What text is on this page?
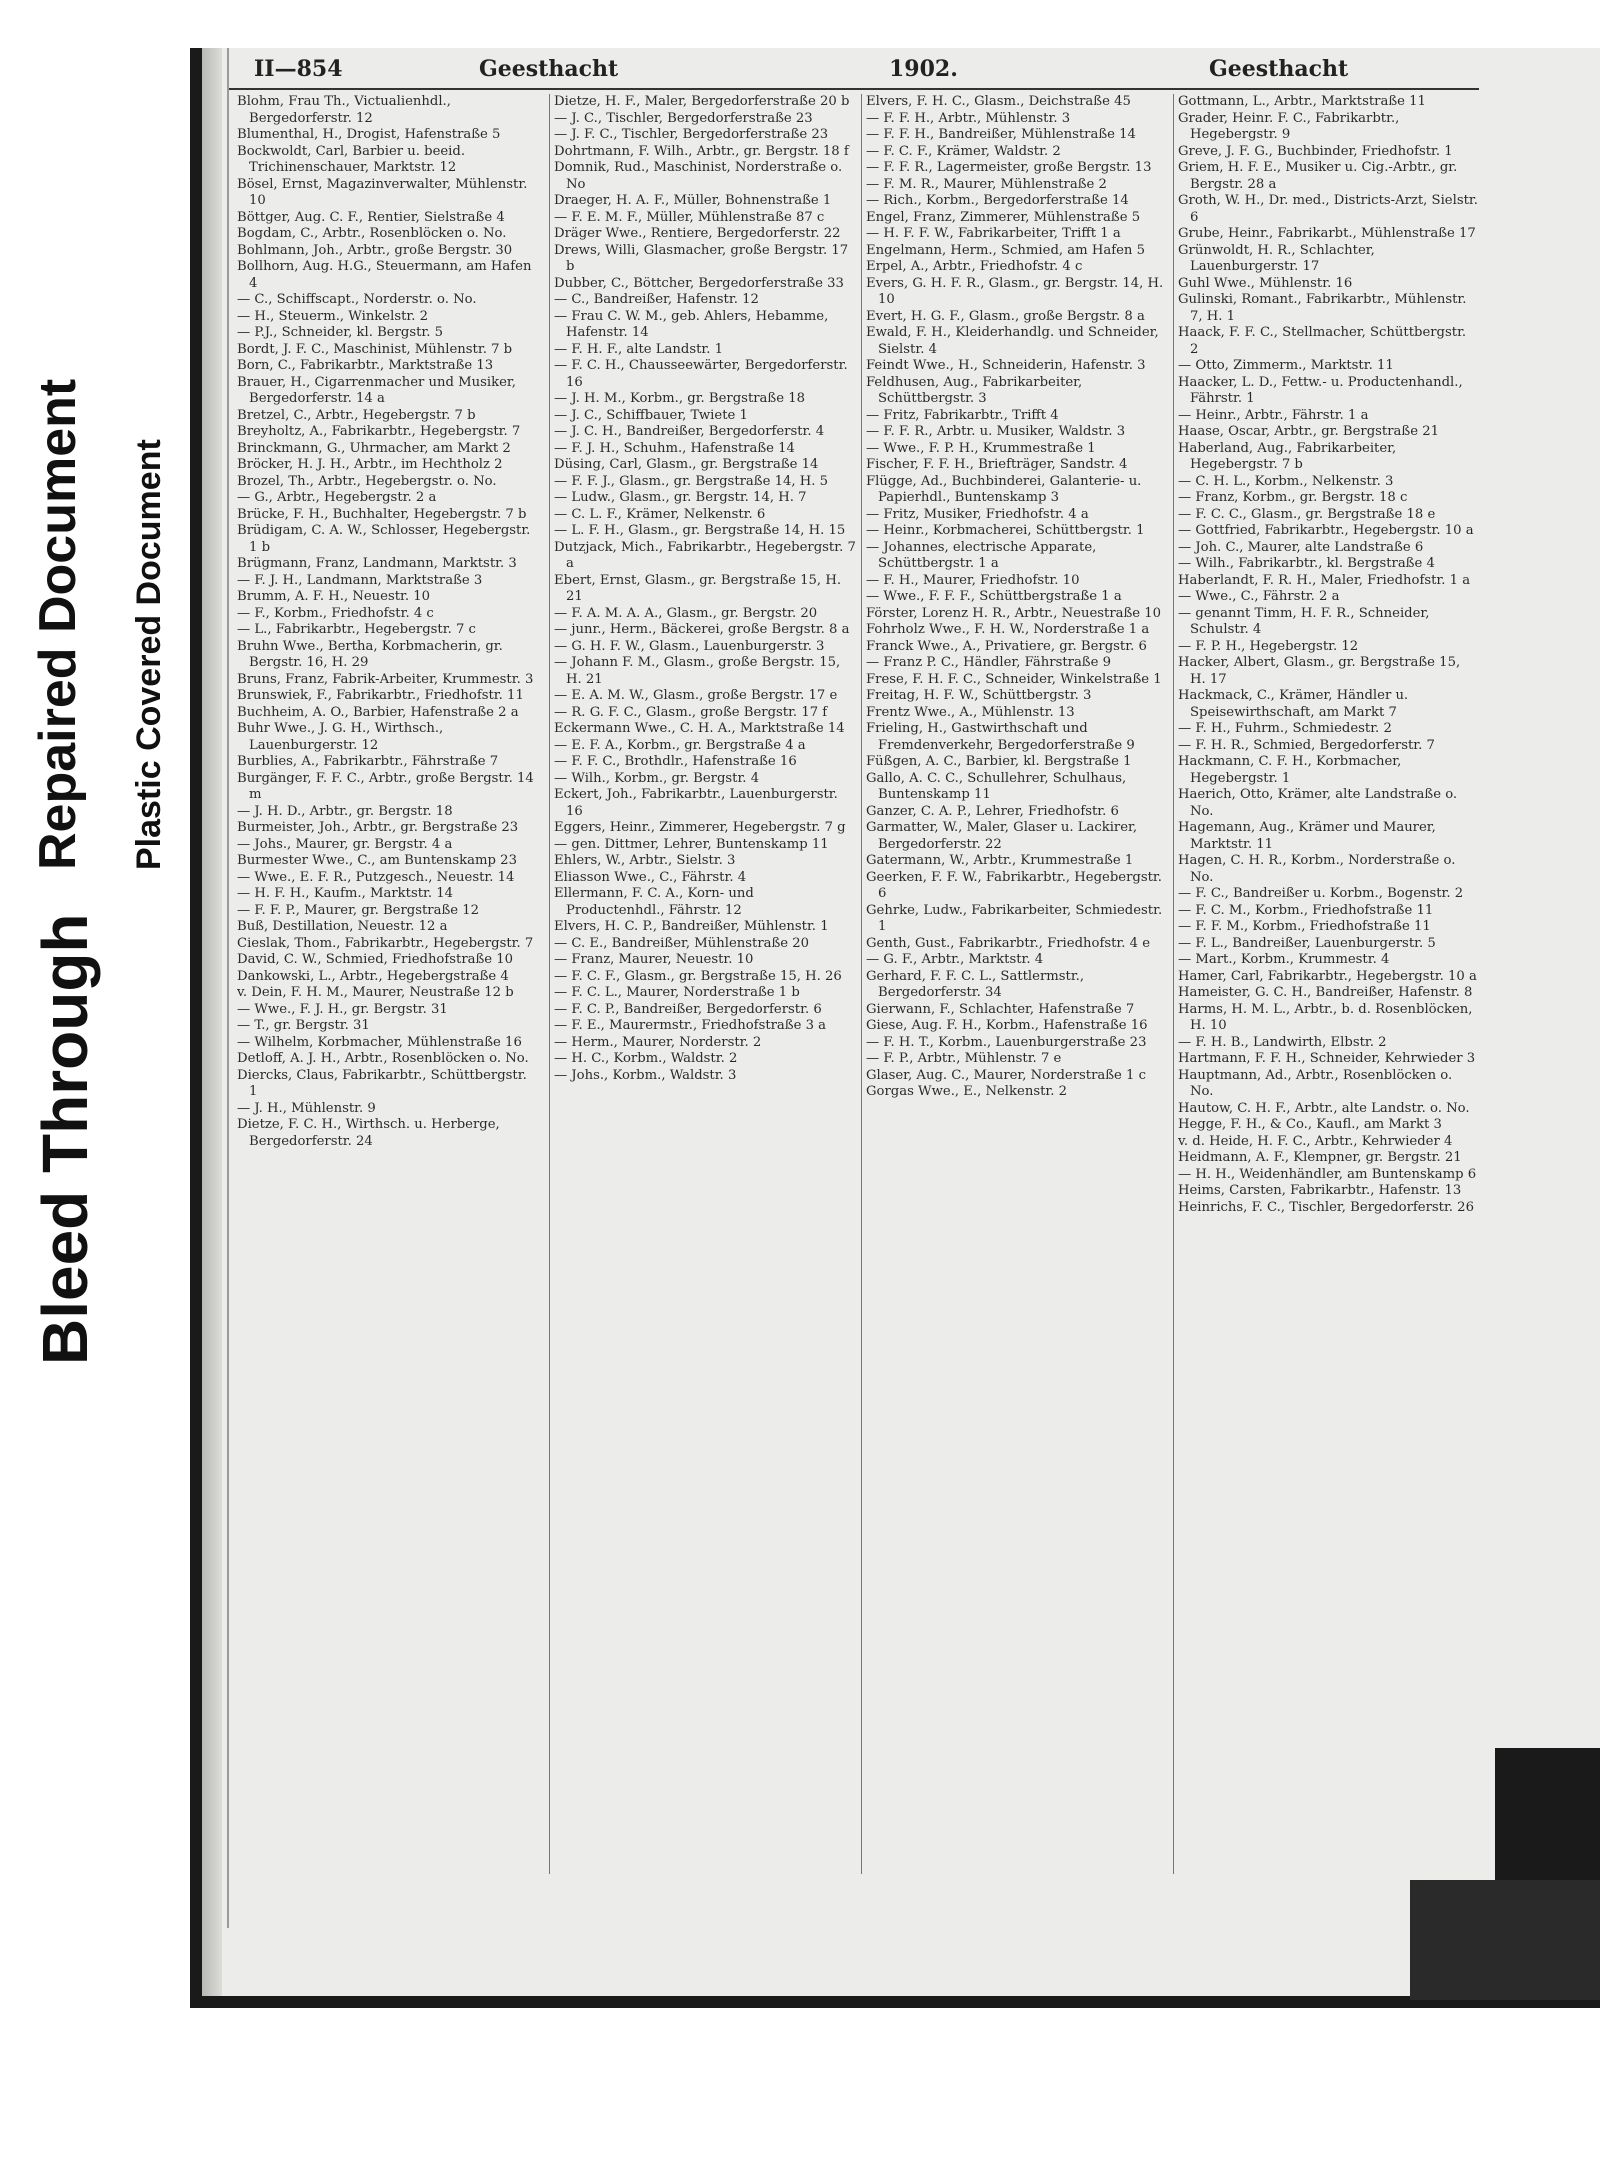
Bleed Through
Repaired Document Plastic Covered Document
II—854	Geesthacht	1902.	Geesthacht

Blohm, Frau Th., Victualienhdl., Bergedorferstr. 12

Blumenthal, H., Drogist, Hafenstraße 5

Bockwoldt, Carl, Barbier u. beeid. Trichinenschauer, Marktstr. 12

Bösel, Ernst, Magazinverwalter, Mühlenstr. 10

Böttger, Aug. C. F., Rentier, Sielstraße 4

Bogdam, C., Arbtr., Rosenblöcken o. No.

Bohlmann, Joh., Arbtr., große Bergstr. 30

Bollhorn, Aug. H.G., Steuermann, am Hafen 4

— C., Schiffscapt., Norderstr. o. No.

— H., Steuerm., Winkelstr. 2

— P.J., Schneider, kl. Bergstr. 5

Bordt, J. F. C., Maschinist, Mühlenstr. 7 b

Born, C., Fabrikarbtr., Marktstraße 13

Brauer, H., Cigarrenmacher und Musiker, Bergedorferstr. 14 a

Bretzel, C., Arbtr., Hegebergstr. 7 b

Breyholtz, A., Fabrikarbtr., Hegebergstr. 7

Brinckmann, G., Uhrmacher, am Markt 2

Bröcker, H. J. H., Arbtr., im Hechtholz 2

Brozel, Th., Arbtr., Hegebergstr. o. No.

— G., Arbtr., Hegebergstr. 2 a

Brücke, F. H., Buchhalter, Hegebergstr. 7 b

Brüdigam, C. A. W., Schlosser, Hegebergstr. 1 b

Brügmann, Franz, Landmann, Marktstr. 3

— F. J. H., Landmann, Marktstraße 3

Brumm, A. F. H., Neuestr. 10

— F., Korbm., Friedhofstr. 4 c

— L., Fabrikarbtr., Hegebergstr. 7 c

Bruhn Wwe., Bertha, Korbmacherin, gr. Bergstr. 16, H. 29

Bruns, Franz, Fabrik-Arbeiter, Krummestr. 3

Brunswiek, F., Fabrikarbtr., Friedhofstr. 11

Buchheim, A. O., Barbier, Hafenstraße 2 a

Buhr Wwe., J. G. H., Wirthsch., Lauenburgerstr. 12

Burblies, A., Fabrikarbtr., Fährstraße 7

Burgänger, F. F. C., Arbtr., große Bergstr. 14 m

— J. H. D., Arbtr., gr. Bergstr. 18

Burmeister, Joh., Arbtr., gr. Bergstraße 23

— Johs., Maurer, gr. Bergstr. 4 a

Burmester Wwe., C., am Buntenskamp 23

— Wwe., E. F. R., Putzgesch., Neuestr. 14

— H. F. H., Kaufm., Marktstr. 14

— F. F. P., Maurer, gr. Bergstraße 12

Buß, Destillation, Neuestr. 12 a

Cieslak, Thom., Fabrikarbtr., Hegebergstr. 7

David, C. W., Schmied, Friedhofstraße 10

Dankowski, L., Arbtr., Hegebergstraße 4

v. Dein, F. H. M., Maurer, Neustraße 12 b

— Wwe., F. J. H., gr. Bergstr. 31

— T., gr. Bergstr. 31

— Wilhelm, Korbmacher, Mühlenstraße 16

Detloff, A. J. H., Arbtr., Rosenblöcken o. No.

Diercks, Claus, Fabrikarbtr., Schüttbergstr. 1

— J. H., Mühlenstr. 9

Dietze, F. C. H., Wirthsch. u. Herberge, Bergedorferstr. 24

Dietze, H. F., Maler, Bergedorferstraße 20 b

— J. C., Tischler, Bergedorferstraße 23

— J. F. C., Tischler, Bergedorferstraße 23

Dohrtmann, F. Wilh., Arbtr., gr. Bergstr. 18 f

Domnik, Rud., Maschinist, Norderstraße o. No

Draeger, H. A. F., Müller, Bohnenstraße 1

— F. E. M. F., Müller, Mühlenstraße 87 c

Dräger Wwe., Rentiere, Bergedorferstr. 22

Drews, Willi, Glasmacher, große Bergstr. 17 b

Dubber, C., Böttcher, Bergedorferstraße 33

— C., Bandreißer, Hafenstr. 12

— Frau C. W. M., geb. Ahlers, Hebamme, Hafenstr. 14

— F. H. F., alte Landstr. 1

— F. C. H., Chausseewärter, Bergedorferstr. 16

— J. H. M., Korbm., gr. Bergstraße 18

— J. C., Schiffbauer, Twiete 1

— J. C. H., Bandreißer, Bergedorferstr. 4

— F. J. H., Schuhm., Hafenstraße 14

Düsing, Carl, Glasm., gr. Bergstraße 14

— F. F. J., Glasm., gr. Bergstraße 14, H. 5

— Ludw., Glasm., gr. Bergstr. 14, H. 7

— C. L. F., Krämer, Nelkenstr. 6

— L. F. H., Glasm., gr. Bergstraße 14, H. 15

Dutzjack, Mich., Fabrikarbtr., Hegebergstr. 7 a

Ebert, Ernst, Glasm., gr. Bergstraße 15, H. 21

— F. A. M. A. A., Glasm., gr. Bergstr. 20

— junr., Herm., Bäckerei, große Bergstr. 8 a

— G. H. F. W., Glasm., Lauenburgerstr. 3

— Johann F. M., Glasm., große Bergstr. 15, H. 21

— E. A. M. W., Glasm., große Bergstr. 17 e

— R. G. F. C., Glasm., große Bergstr. 17 f

Eckermann Wwe., C. H. A., Marktstraße 14

— E. F. A., Korbm., gr. Bergstraße 4 a

— F. F. C., Brothdlr., Hafenstraße 16

— Wilh., Korbm., gr. Bergstr. 4

Eckert, Joh., Fabrikarbtr., Lauenburgerstr. 16

Eggers, Heinr., Zimmerer, Hegebergstr. 7 g

— gen. Dittmer, Lehrer, Buntenskamp 11

Ehlers, W., Arbtr., Sielstr. 3

Eliasson Wwe., C., Fährstr. 4

Ellermann, F. C. A., Korn- und Productenhdl., Fährstr. 12

Elvers, H. C. P., Bandreißer, Mühlenstr. 1

— C. E., Bandreißer, Mühlenstraße 20

— Franz, Maurer, Neuestr. 10

— F. C. F., Glasm., gr. Bergstraße 15, H. 26

— F. C. L., Maurer, Norderstraße 1 b

— F. C. P., Bandreißer, Bergedorferstr. 6

— F. E., Maurermstr., Friedhofstraße 3 a

— Herm., Maurer, Norderstr. 2

— H. C., Korbm., Waldstr. 2

— Johs., Korbm., Waldstr. 3

Elvers, F. H. C., Glasm., Deichstraße 45

— F. F. H., Arbtr., Mühlenstr. 3

— F. F. H., Bandreißer, Mühlenstraße 14

— F. C. F., Krämer, Waldstr. 2

— F. F. R., Lagermeister, große Bergstr. 13

— F. M. R., Maurer, Mühlenstraße 2

— Rich., Korbm., Bergedorferstraße 14

Engel, Franz, Zimmerer, Mühlenstraße 5

— H. F. F. W., Fabrikarbeiter, Trifft 1 a

Engelmann, Herm., Schmied, am Hafen 5

Erpel, A., Arbtr., Friedhofstr. 4 c

Evers, G. H. F. R., Glasm., gr. Bergstr. 14, H. 10

Evert, H. G. F., Glasm., große Bergstr. 8 a

Ewald, F. H., Kleiderhandlg. und Schneider, Sielstr. 4

Feindt Wwe., H., Schneiderin, Hafenstr. 3

Feldhusen, Aug., Fabrikarbeiter, Schüttbergstr. 3

— Fritz, Fabrikarbtr., Trifft 4

— F. F. R., Arbtr. u. Musiker, Waldstr. 3

— Wwe., F. P. H., Krummestraße 1

Fischer, F. F. H., Briefträger, Sandstr. 4

Flügge, Ad., Buchbinderei, Galanterie- u. Papierhdl., Buntenskamp 3

— Fritz, Musiker, Friedhofstr. 4 a

— Heinr., Korbmacherei, Schüttbergstr. 1

— Johannes, electrische Apparate, Schüttbergstr. 1 a

— F. H., Maurer, Friedhofstr. 10

— Wwe., F. F. F., Schüttbergstraße 1 a

Förster, Lorenz H. R., Arbtr., Neuestraße 10

Fohrholz Wwe., F. H. W., Norderstraße 1 a

Franck Wwe., A., Privatiere, gr. Bergstr. 6

— Franz P. C., Händler, Fährstraße 9

Frese, F. H. F. C., Schneider, Winkelstraße 1

Freitag, H. F. W., Schüttbergstr. 3

Frentz Wwe., A., Mühlenstr. 13

Frieling, H., Gastwirthschaft und Fremdenverkehr, Bergedorferstraße 9

Füßgen, A. C., Barbier, kl. Bergstraße 1

Gallo, A. C. C., Schullehrer, Schulhaus, Buntenskamp 11

Ganzer, C. A. P., Lehrer, Friedhofstr. 6

Garmatter, W., Maler, Glaser u. Lackirer, Bergedorferstr. 22

Gatermann, W., Arbtr., Krummestraße 1

Geerken, F. F. W., Fabrikarbtr., Hegebergstr. 6

Gehrke, Ludw., Fabrikarbeiter, Schmiedestr. 1

Genth, Gust., Fabrikarbtr., Friedhofstr. 4 e

— G. F., Arbtr., Marktstr. 4

Gerhard, F. F. C. L., Sattlermstr., Bergedorferstr. 34

Gierwann, F., Schlachter, Hafenstraße 7

Giese, Aug. F. H., Korbm., Hafenstraße 16

— F. H. T., Korbm., Lauenburgerstraße 23

— F. P., Arbtr., Mühlenstr. 7 e

Glaser, Aug. C., Maurer, Norderstraße 1 c

Gorgas Wwe., E., Nelkenstr. 2

Gottmann, L., Arbtr., Marktstraße 11

Grader, Heinr. F. C., Fabrikarbtr., Hegebergstr. 9

Greve, J. F. G., Buchbinder, Friedhofstr. 1

Griem, H. F. E., Musiker u. Cig.-Arbtr., gr. Bergstr. 28 a

Groth, W. H., Dr. med., Districts-Arzt, Sielstr. 6

Grube, Heinr., Fabrikarbt., Mühlenstraße 17

Grünwoldt, H. R., Schlachter, Lauenburgerstr. 17

Guhl Wwe., Mühlenstr. 16

Gulinski, Romant., Fabrikarbtr., Mühlenstr. 7, H. 1

Haack, F. F. C., Stellmacher, Schüttbergstr. 2

— Otto, Zimmerm., Marktstr. 11

Haacker, L. D., Fettw.- u. Productenhandl., Fährstr. 1

— Heinr., Arbtr., Fährstr. 1 a

Haase, Oscar, Arbtr., gr. Bergstraße 21

Haberland, Aug., Fabrikarbeiter, Hegebergstr. 7 b

— C. H. L., Korbm., Nelkenstr. 3

— Franz, Korbm., gr. Bergstr. 18 c

— F. C. C., Glasm., gr. Bergstraße 18 e

— Gottfried, Fabrikarbtr., Hegebergstr. 10 a

— Joh. C., Maurer, alte Landstraße 6

— Wilh., Fabrikarbtr., kl. Bergstraße 4

Haberlandt, F. R. H., Maler, Friedhofstr. 1 a

— Wwe., C., Fährstr. 2 a

— genannt Timm, H. F. R., Schneider, Schulstr. 4

— F. P. H., Hegebergstr. 12

Hacker, Albert, Glasm., gr. Bergstraße 15, H. 17

Hackmack, C., Krämer, Händler u. Speisewirthschaft, am Markt 7

— F. H., Fuhrm., Schmiedestr. 2

— F. H. R., Schmied, Bergedorferstr. 7

Hackmann, C. F. H., Korbmacher, Hegebergstr. 1

Haerich, Otto, Krämer, alte Landstraße o. No.

Hagemann, Aug., Krämer und Maurer, Marktstr. 11

Hagen, C. H. R., Korbm., Norderstraße o. No.

— F. C., Bandreißer u. Korbm., Bogenstr. 2

— F. C. M., Korbm., Friedhofstraße 11

— F. F. M., Korbm., Friedhofstraße 11

— F. L., Bandreißer, Lauenburgerstr. 5

— Mart., Korbm., Krummestr. 4

Hamer, Carl, Fabrikarbtr., Hegebergstr. 10 a

Hameister, G. C. H., Bandreißer, Hafenstr. 8

Harms, H. M. L., Arbtr., b. d. Rosenblöcken, H. 10

— F. H. B., Landwirth, Elbstr. 2

Hartmann, F. F. H., Schneider, Kehrwieder 3

Hauptmann, Ad., Arbtr., Rosenblöcken o. No.

Hautow, C. H. F., Arbtr., alte Landstr. o. No.

Hegge, F. H., & Co., Kaufl., am Markt 3

v. d. Heide, H. F. C., Arbtr., Kehrwieder 4

Heidmann, A. F., Klempner, gr. Bergstr. 21

— H. H., Weidenhändler, am Buntenskamp 6

Heims, Carsten, Fabrikarbtr., Hafenstr. 13

Heinrichs, F. C., Tischler, Bergedorferstr. 26
